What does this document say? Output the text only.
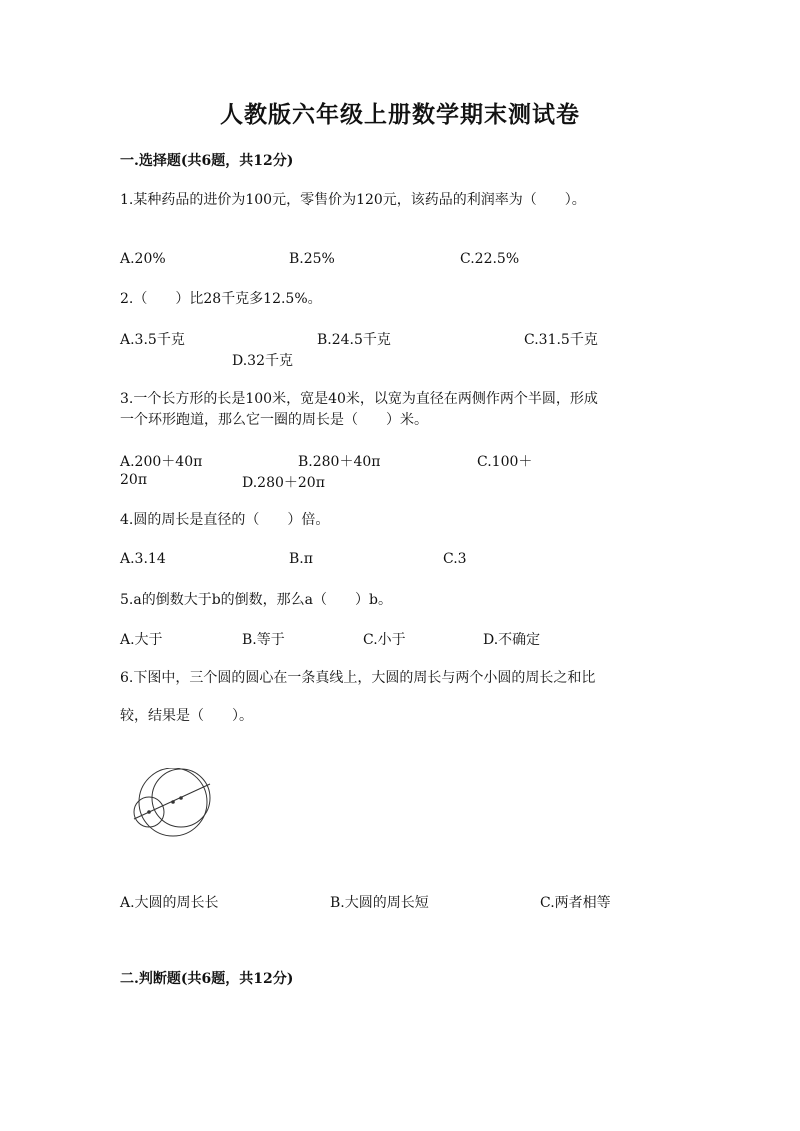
人教版六年级上册数学期末测试卷
一.选择题(共6题，共12分)
1.某种药品的进价为100元，零售价为120元，该药品的利润率为（　　）。
A.20%	B.25%	C.22.5%
2.（　　）比28千克多12.5%。
A.3.5千克	B.24.5千克	C.31.5千克
D.32千克
3.一个长方形的长是100米，宽是40米，以宽为直径在两侧作两个半圆，形成
一个环形跑道，那么它一圈的周长是（　　）米。
A.200＋40π	B.280＋40π	C.100＋
20π	D.280＋20π
4.圆的周长是直径的（　　）倍。
A.3.14	B.π	C.3
5.a的倒数大于b的倒数，那么a（　　）b。
A.大于	B.等于	C.小于	D.不确定
6.下图中，三个圆的圆心在一条真线上，大圆的周长与两个小圆的周长之和比
较，结果是（　　）。
A.大圆的周长长	B.大圆的周长短	C.两者相等
二.判断题(共6题，共12分)
